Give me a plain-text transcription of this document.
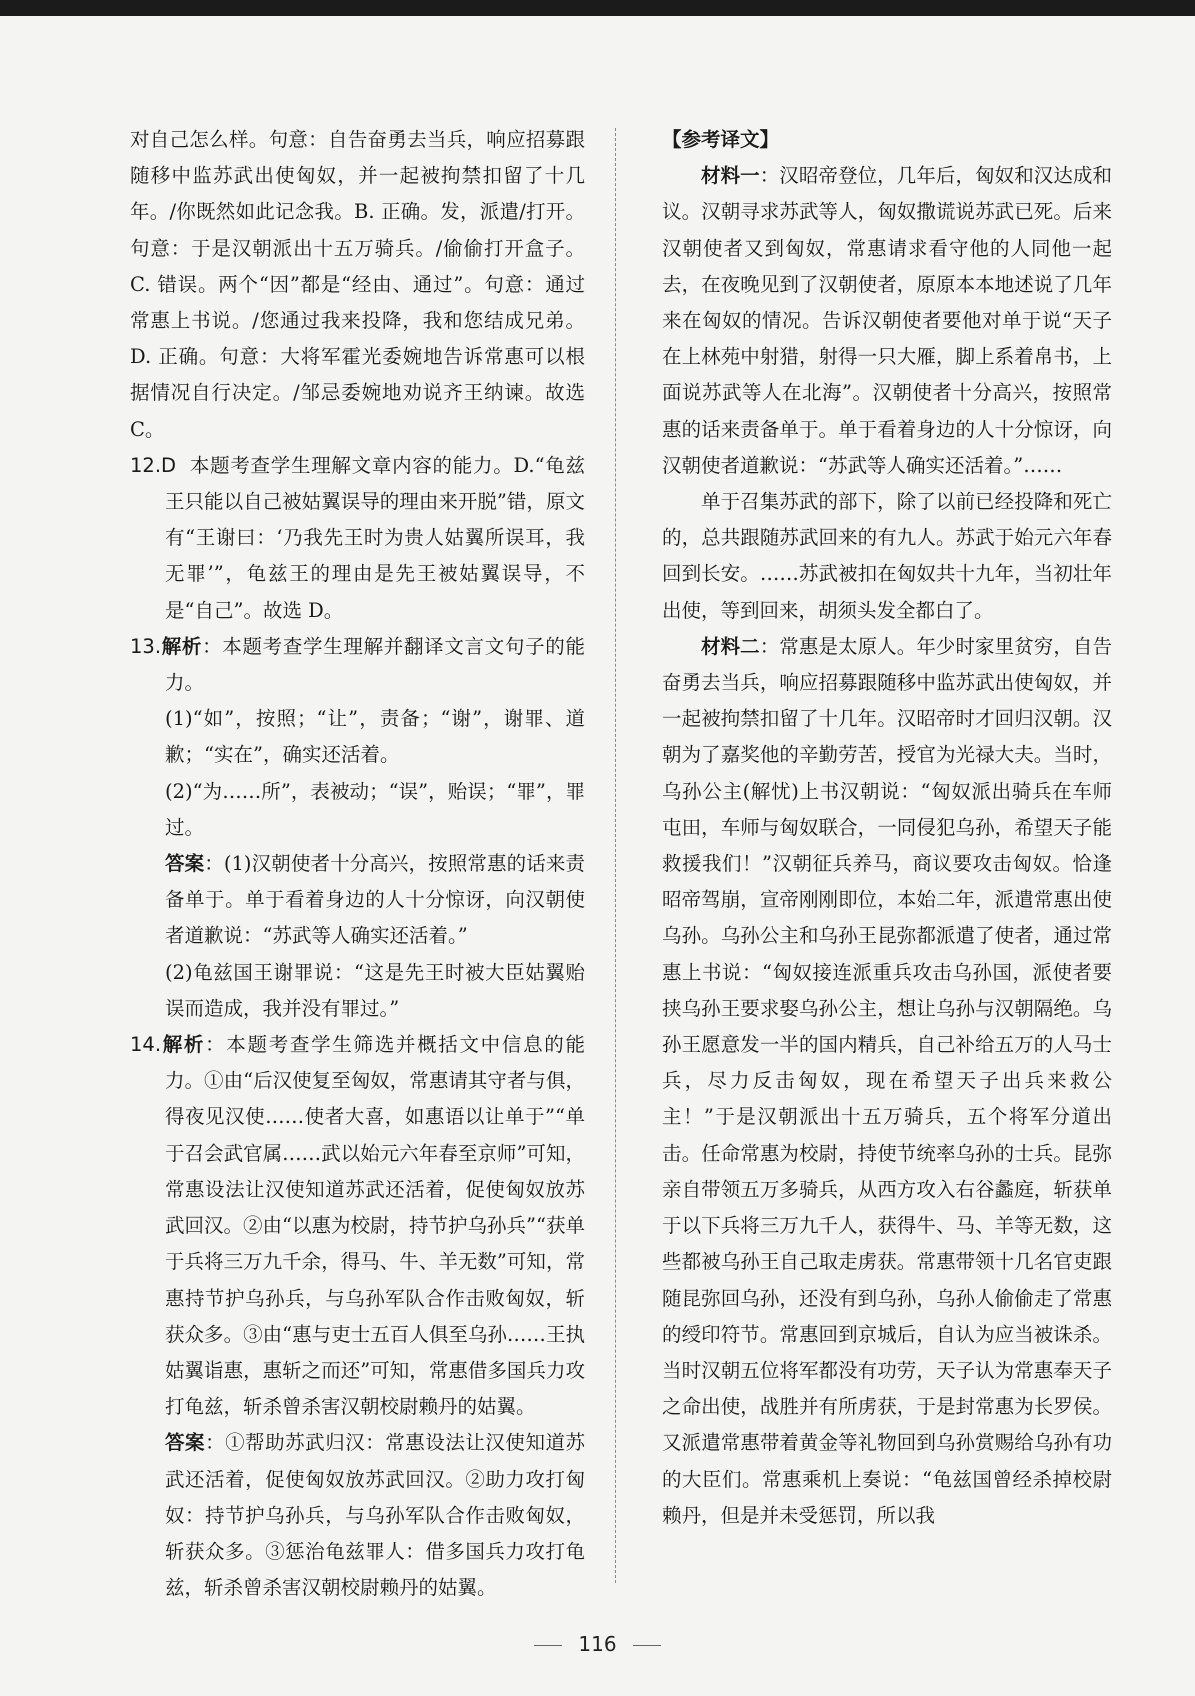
对自己怎么样。句意：自告奋勇去当兵，响应招募跟随移中监苏武出使匈奴，并一起被拘禁扣留了十几年。/你既然如此记念我。B. 正确。发，派遣/打开。句意：于是汉朝派出十五万骑兵。/偷偷打开盒子。C. 错误。两个“因”都是“经由、通过”。句意：通过常惠上书说。/您通过我来投降，我和您结成兄弟。D. 正确。句意：大将军霍光委婉地告诉常惠可以根据情况自行决定。/邹忌委婉地劝说齐王纳谏。故选 C。

12.D 本题考查学生理解文章内容的能力。D.“龟兹王只能以自己被姑翼误导的理由来开脱”错，原文有“王谢曰：‘乃我先王时为贵人姑翼所误耳，我无罪’”，龟兹王的理由是先王被姑翼误导，不是“自己”。故选 D。

13.解析：本题考查学生理解并翻译文言文句子的能力。

(1)“如”，按照；“让”，责备；“谢”，谢罪、道歉；“实在”，确实还活着。

(2)“为……所”，表被动；“误”，贻误；“罪”，罪过。

答案：(1)汉朝使者十分高兴，按照常惠的话来责备单于。单于看着身边的人十分惊讶，向汉朝使者道歉说：“苏武等人确实还活着。”

(2)龟兹国王谢罪说：“这是先王时被大臣姑翼贻误而造成，我并没有罪过。”

14.解析：本题考查学生筛选并概括文中信息的能力。①由“后汉使复至匈奴，常惠请其守者与俱，得夜见汉使……使者大喜，如惠语以让单于”“单于召会武官属……武以始元六年春至京师”可知，常惠设法让汉使知道苏武还活着，促使匈奴放苏武回汉。②由“以惠为校尉，持节护乌孙兵”“获单于兵将三万九千余，得马、牛、羊无数”可知，常惠持节护乌孙兵，与乌孙军队合作击败匈奴，斩获众多。③由“惠与吏士五百人俱至乌孙……王执姑翼诣惠，惠斩之而还”可知，常惠借多国兵力攻打龟兹，斩杀曾杀害汉朝校尉赖丹的姑翼。

答案：①帮助苏武归汉：常惠设法让汉使知道苏武还活着，促使匈奴放苏武回汉。②助力攻打匈奴：持节护乌孙兵，与乌孙军队合作击败匈奴，斩获众多。③惩治龟兹罪人：借多国兵力攻打龟兹，斩杀曾杀害汉朝校尉赖丹的姑翼。

【参考译文】

材料一：汉昭帝登位，几年后，匈奴和汉达成和议。汉朝寻求苏武等人，匈奴撒谎说苏武已死。后来汉朝使者又到匈奴，常惠请求看守他的人同他一起去，在夜晚见到了汉朝使者，原原本本地述说了几年来在匈奴的情况。告诉汉朝使者要他对单于说“天子在上林苑中射猎，射得一只大雁，脚上系着帛书，上面说苏武等人在北海”。汉朝使者十分高兴，按照常惠的话来责备单于。单于看着身边的人十分惊讶，向汉朝使者道歉说：“苏武等人确实还活着。”……

单于召集苏武的部下，除了以前已经投降和死亡的，总共跟随苏武回来的有九人。苏武于始元六年春回到长安。……苏武被扣在匈奴共十九年，当初壮年出使，等到回来，胡须头发全都白了。

材料二：常惠是太原人。年少时家里贫穷，自告奋勇去当兵，响应招募跟随移中监苏武出使匈奴，并一起被拘禁扣留了十几年。汉昭帝时才回归汉朝。汉朝为了嘉奖他的辛勤劳苦，授官为光禄大夫。当时，乌孙公主(解忧)上书汉朝说：“匈奴派出骑兵在车师屯田，车师与匈奴联合，一同侵犯乌孙，希望天子能救援我们！”汉朝征兵养马，商议要攻击匈奴。恰逢昭帝驾崩，宣帝刚刚即位，本始二年，派遣常惠出使乌孙。乌孙公主和乌孙王昆弥都派遣了使者，通过常惠上书说：“匈奴接连派重兵攻击乌孙国，派使者要挟乌孙王要求娶乌孙公主，想让乌孙与汉朝隔绝。乌孙王愿意发一半的国内精兵，自己补给五万的人马士兵，尽力反击匈奴，现在希望天子出兵来救公主！”于是汉朝派出十五万骑兵，五个将军分道出击。任命常惠为校尉，持使节统率乌孙的士兵。昆弥亲自带领五万多骑兵，从西方攻入右谷蠡庭，斩获单于以下兵将三万九千人，获得牛、马、羊等无数，这些都被乌孙王自己取走虏获。常惠带领十几名官吏跟随昆弥回乌孙，还没有到乌孙，乌孙人偷偷走了常惠的绶印符节。常惠回到京城后，自认为应当被诛杀。当时汉朝五位将军都没有功劳，天子认为常惠奉天子之命出使，战胜并有所虏获，于是封常惠为长罗侯。又派遣常惠带着黄金等礼物回到乌孙赏赐给乌孙有功的大臣们。常惠乘机上奏说：“龟兹国曾经杀掉校尉赖丹，但是并未受惩罚，所以我

116
